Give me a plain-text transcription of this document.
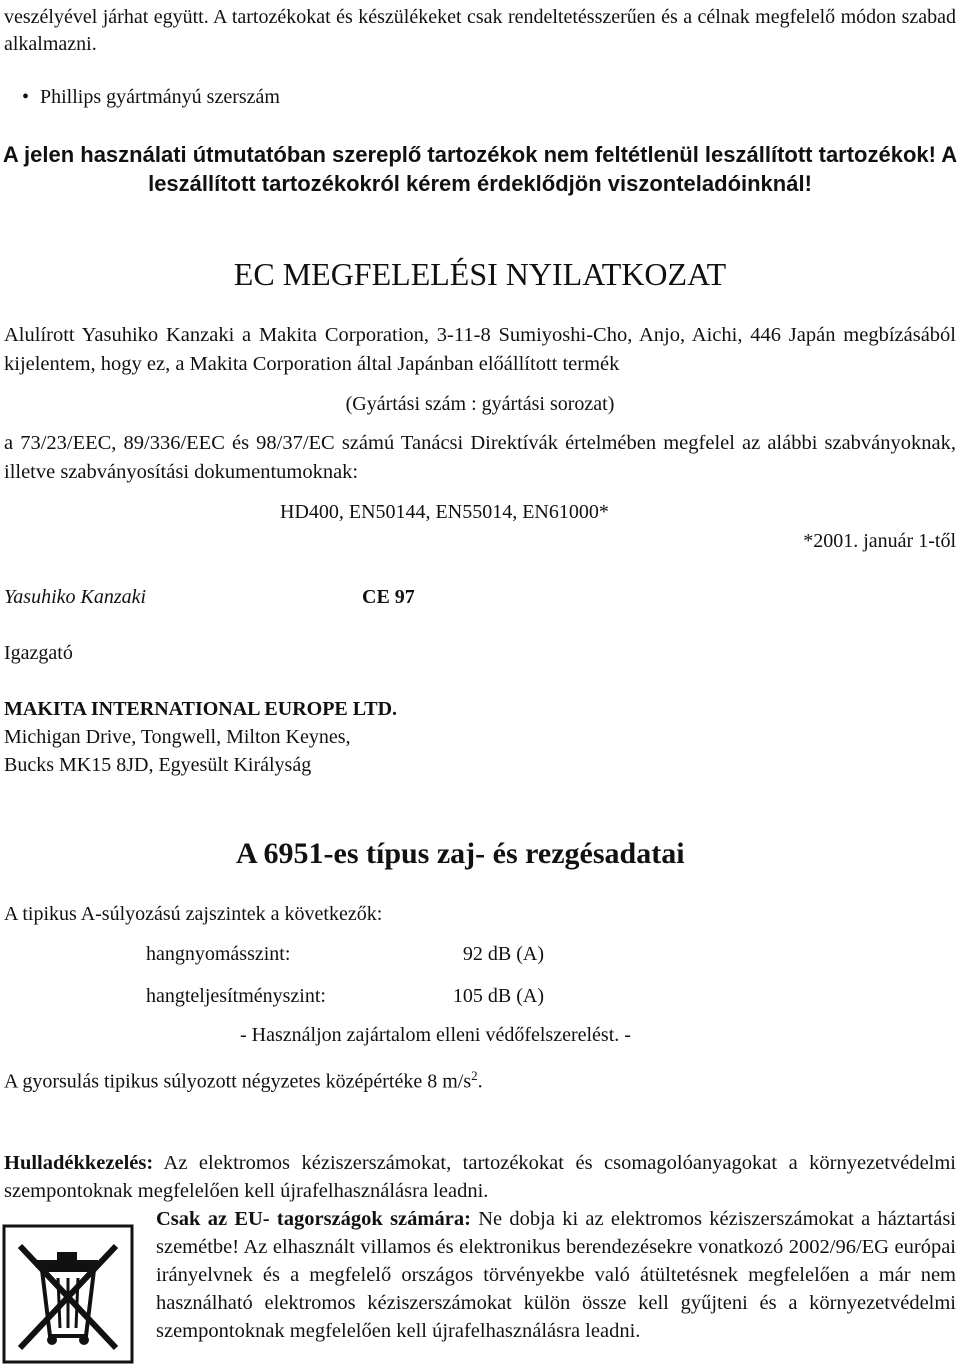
veszélyével járhat együtt. A tartozékokat és készülékeket csak rendeltetésszerűen és a célnak megfelelő módon szabad alkalmazni.
• Phillips gyártmányú szerszám
A jelen használati útmutatóban szereplő tartozékok nem feltétlenül leszállított tartozékok! A leszállított tartozékokról kérem érdeklődjön viszonteladóinknál!
EC MEGFELELÉSI NYILATKOZAT
Alulírott Yasuhiko Kanzaki a Makita Corporation, 3-11-8 Sumiyoshi-Cho, Anjo, Aichi, 446 Japán megbízásából kijelentem, hogy ez, a Makita Corporation által Japánban előállított termék
(Gyártási szám : gyártási sorozat)
a 73/23/EEC, 89/336/EEC és 98/37/EC számú Tanácsi Direktívák értelmében megfelel az alábbi szabványoknak, illetve szabványosítási dokumentumoknak:
HD400, EN50144, EN55014, EN61000*
*2001. január 1-től
Yasuhiko Kanzaki	CE 97
Igazgató
MAKITA INTERNATIONAL EUROPE LTD.
Michigan Drive, Tongwell, Milton Keynes,
Bucks MK15 8JD, Egyesült Királyság
A 6951-es típus zaj- és rezgésadatai
A tipikus A-súlyozású zajszintek a következők:
hangnyomásszint:	92 dB (A)
hangteljesítményszint:	105 dB (A)
- Használjon zajártalom elleni védőfelszerelést. -
A gyorsulás tipikus súlyozott négyzetes középértéke 8 $m/s^2$.
Hulladékkezelés: Az elektromos kéziszerszámokat, tartozékokat és csomagolóanyagokat a környezetvédelmi szempontoknak megfelelően kell újrafelhasználásra leadni.
Csak az EU- tagországok számára: Ne dobja ki az elektromos kéziszerszámokat a háztartási szemétbe! Az elhasznált villamos és elektronikus berendezésekre vonatkozó 2002/96/EG európai irányelvnek és a megfelelő országos törvényekbe való átültetésnek megfelelően a már nem használható elektromos kéziszerszámokat külön össze kell gyűjteni és a környezetvédelmi szempontoknak megfelelően kell újrafelhasználásra leadni.
